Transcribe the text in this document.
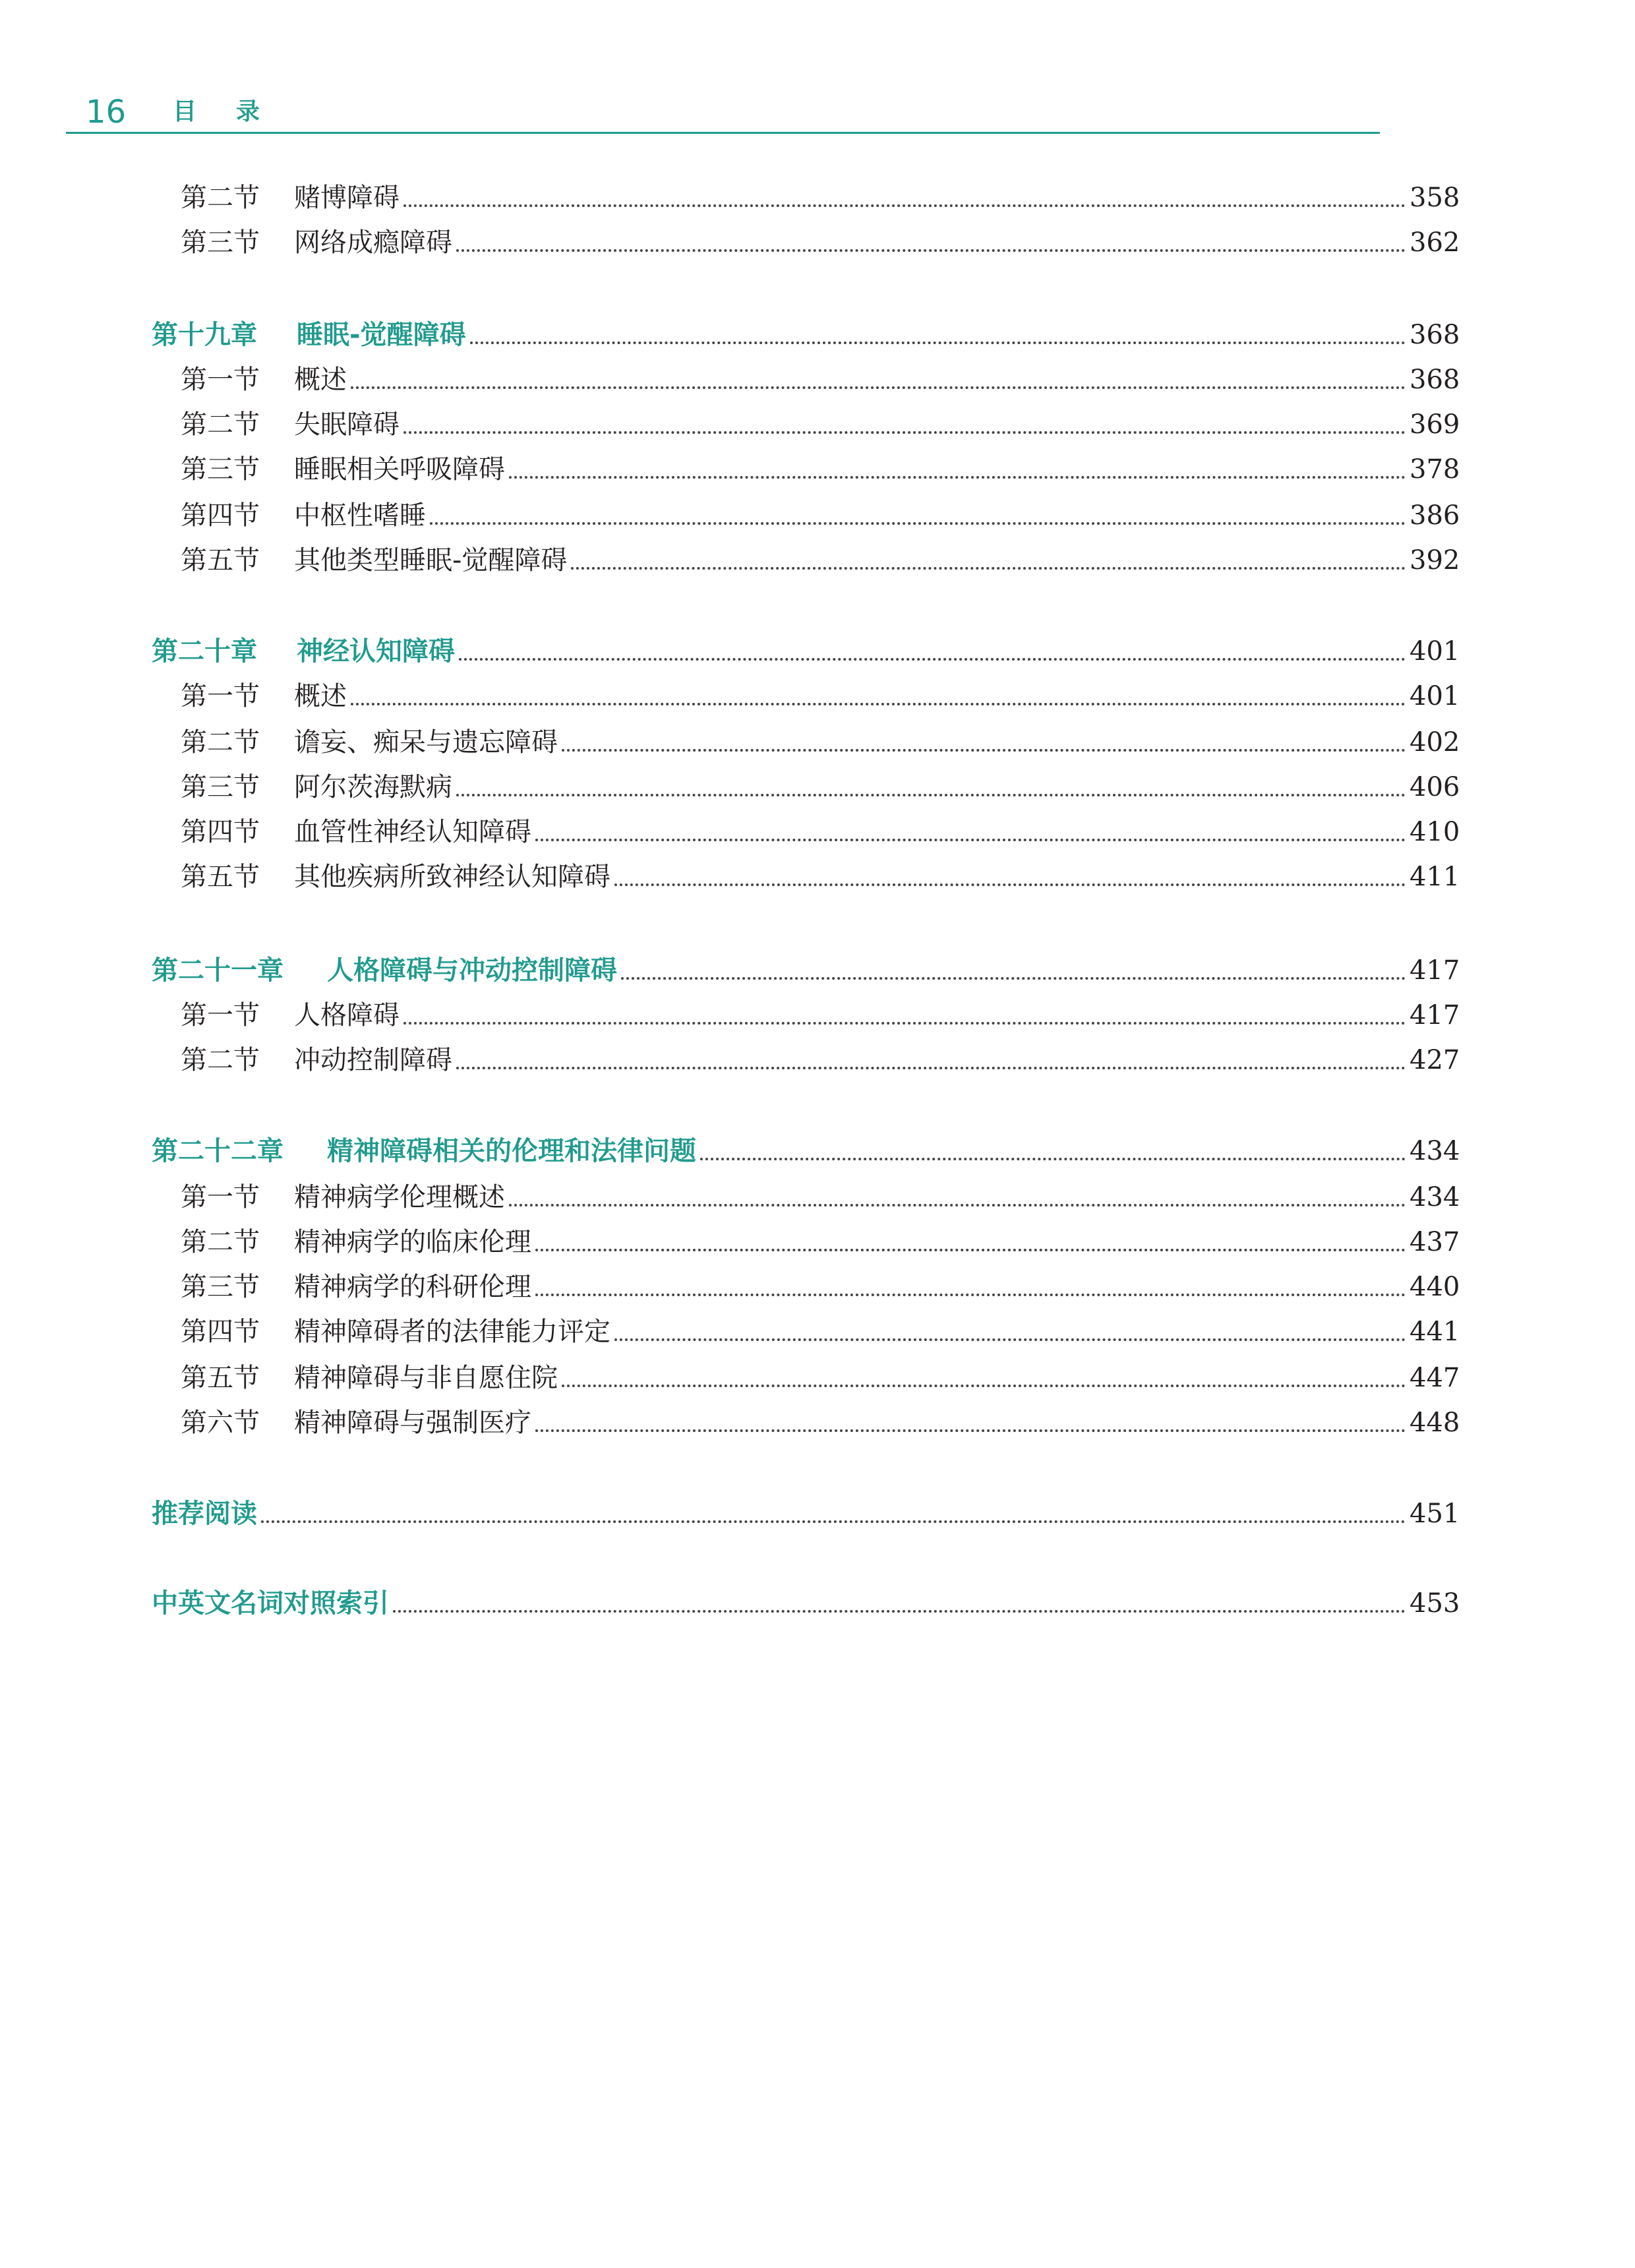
16 目录
第二节 赌博障碍	358
第三节 网络成瘾障碍	362
第十九章 睡眠-觉醒障碍	368
第一节 概述	368
第二节 失眠障碍	369
第三节 睡眠相关呼吸障碍	378
第四节 中枢性嗜睡	386
第五节 其他类型睡眠-觉醒障碍	392
第二十章 神经认知障碍	401
第一节 概述	401
第二节 谵妄、痴呆与遗忘障碍	402
第三节 阿尔茨海默病	406
第四节 血管性神经认知障碍	410
第五节 其他疾病所致神经认知障碍	411
第二十一章 人格障碍与冲动控制障碍	417
第一节 人格障碍	417
第二节 冲动控制障碍	427
第二十二章 精神障碍相关的伦理和法律问题	434
第一节 精神病学伦理概述	434
第二节 精神病学的临床伦理	437
第三节 精神病学的科研伦理	440
第四节 精神障碍者的法律能力评定	441
第五节 精神障碍与非自愿住院	447
第六节 精神障碍与强制医疗	448
推荐阅读	451
中英文名词对照索引	453
